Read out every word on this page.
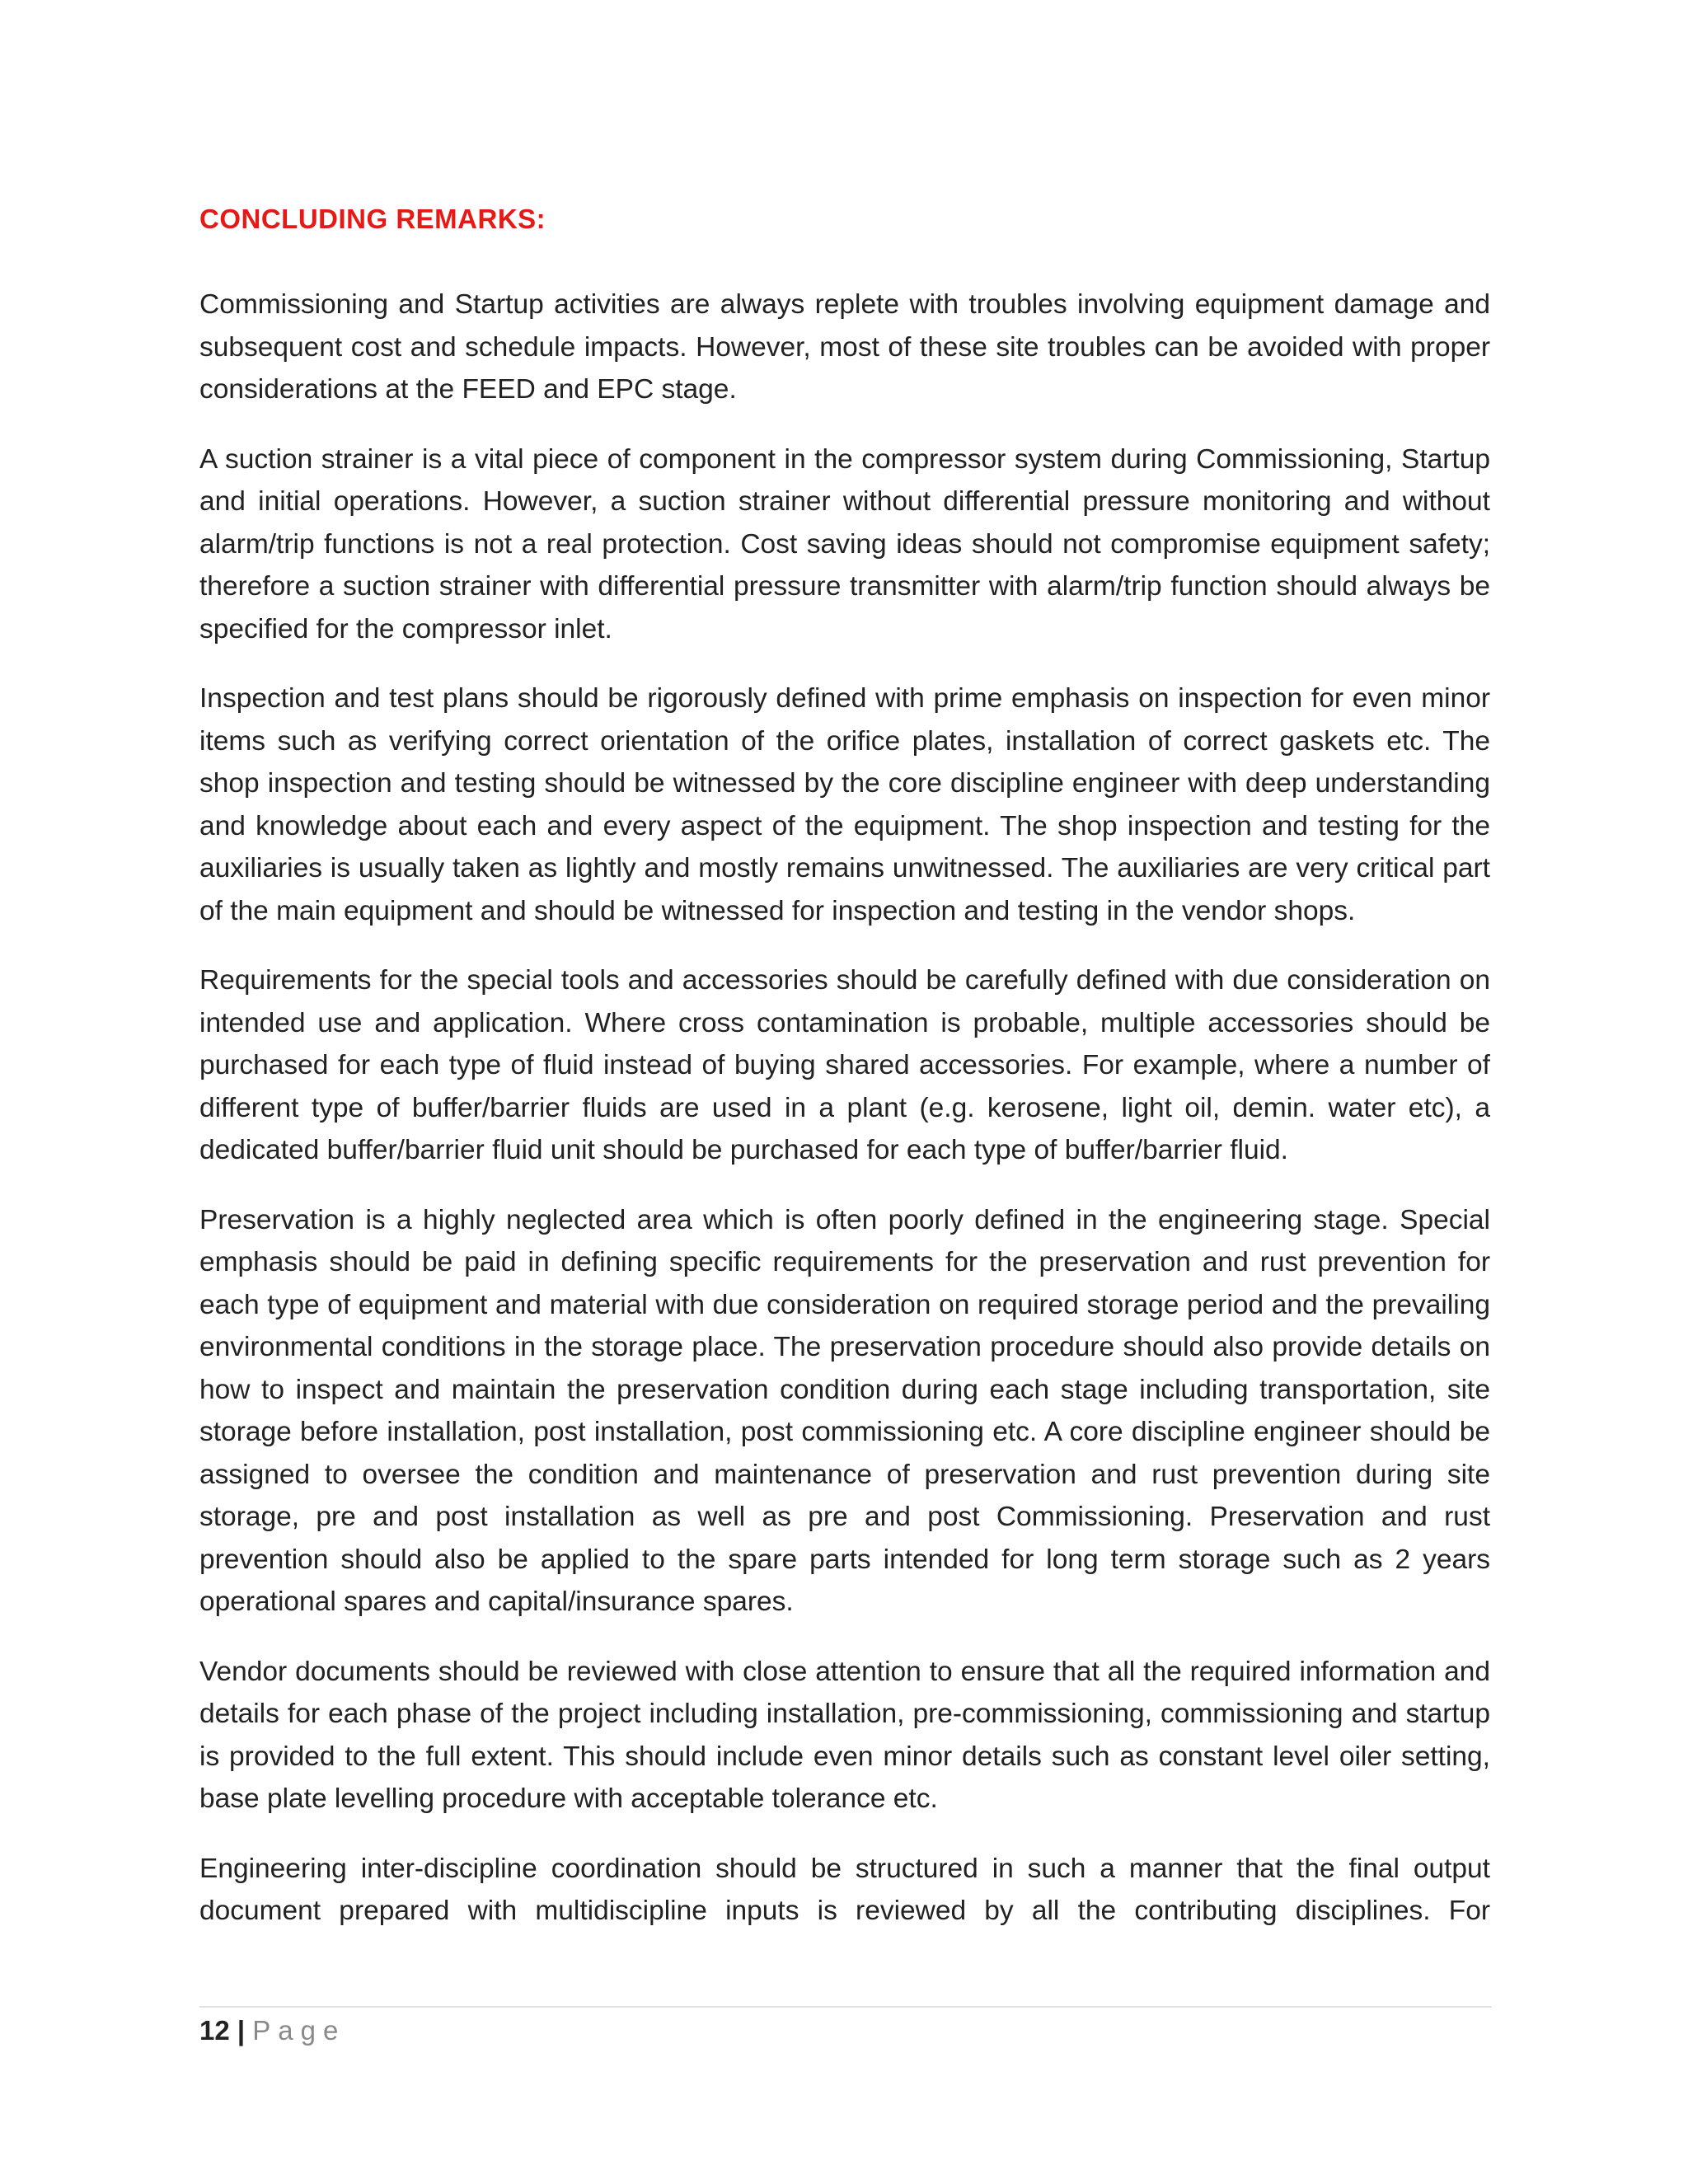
CONCLUDING REMARKS:

Commissioning and Startup activities are always replete with troubles involving equipment damage and subsequent cost and schedule impacts. However, most of these site troubles can be avoided with proper considerations at the FEED and EPC stage.

A suction strainer is a vital piece of component in the compressor system during Commissioning, Startup and initial operations. However, a suction strainer without differential pressure monitoring and without alarm/trip functions is not a real protection. Cost saving ideas should not compromise equipment safety; therefore a suction strainer with differential pressure transmitter with alarm/trip function should always be specified for the compressor inlet.

Inspection and test plans should be rigorously defined with prime emphasis on inspection for even minor items such as verifying correct orientation of the orifice plates, installation of correct gaskets etc. The shop inspection and testing should be witnessed by the core discipline engineer with deep understanding and knowledge about each and every aspect of the equipment. The shop inspection and testing for the auxiliaries is usually taken as lightly and mostly remains unwitnessed. The auxiliaries are very critical part of the main equipment and should be witnessed for inspection and testing in the vendor shops.

Requirements for the special tools and accessories should be carefully defined with due consideration on intended use and application. Where cross contamination is probable, multiple accessories should be purchased for each type of fluid instead of buying shared accessories. For example, where a number of different type of buffer/barrier fluids are used in a plant (e.g. kerosene, light oil, demin. water etc), a dedicated buffer/barrier fluid unit should be purchased for each type of buffer/barrier fluid.

Preservation is a highly neglected area which is often poorly defined in the engineering stage. Special emphasis should be paid in defining specific requirements for the preservation and rust prevention for each type of equipment and material with due consideration on required storage period and the prevailing environmental conditions in the storage place. The preservation procedure should also provide details on how to inspect and maintain the preservation condition during each stage including transportation, site storage before installation, post installation, post commissioning etc. A core discipline engineer should be assigned to oversee the condition and maintenance of preservation and rust prevention during site storage, pre and post installation as well as pre and post Commissioning. Preservation and rust prevention should also be applied to the spare parts intended for long term storage such as 2 years operational spares and capital/insurance spares.

Vendor documents should be reviewed with close attention to ensure that all the required information and details for each phase of the project including installation, pre-commissioning, commissioning and startup is provided to the full extent. This should include even minor details such as constant level oiler setting, base plate levelling procedure with acceptable tolerance etc.

Engineering inter-discipline coordination should be structured in such a manner that the final output document prepared with multidiscipline inputs is reviewed by all the contributing disciplines. For

12 | Page
